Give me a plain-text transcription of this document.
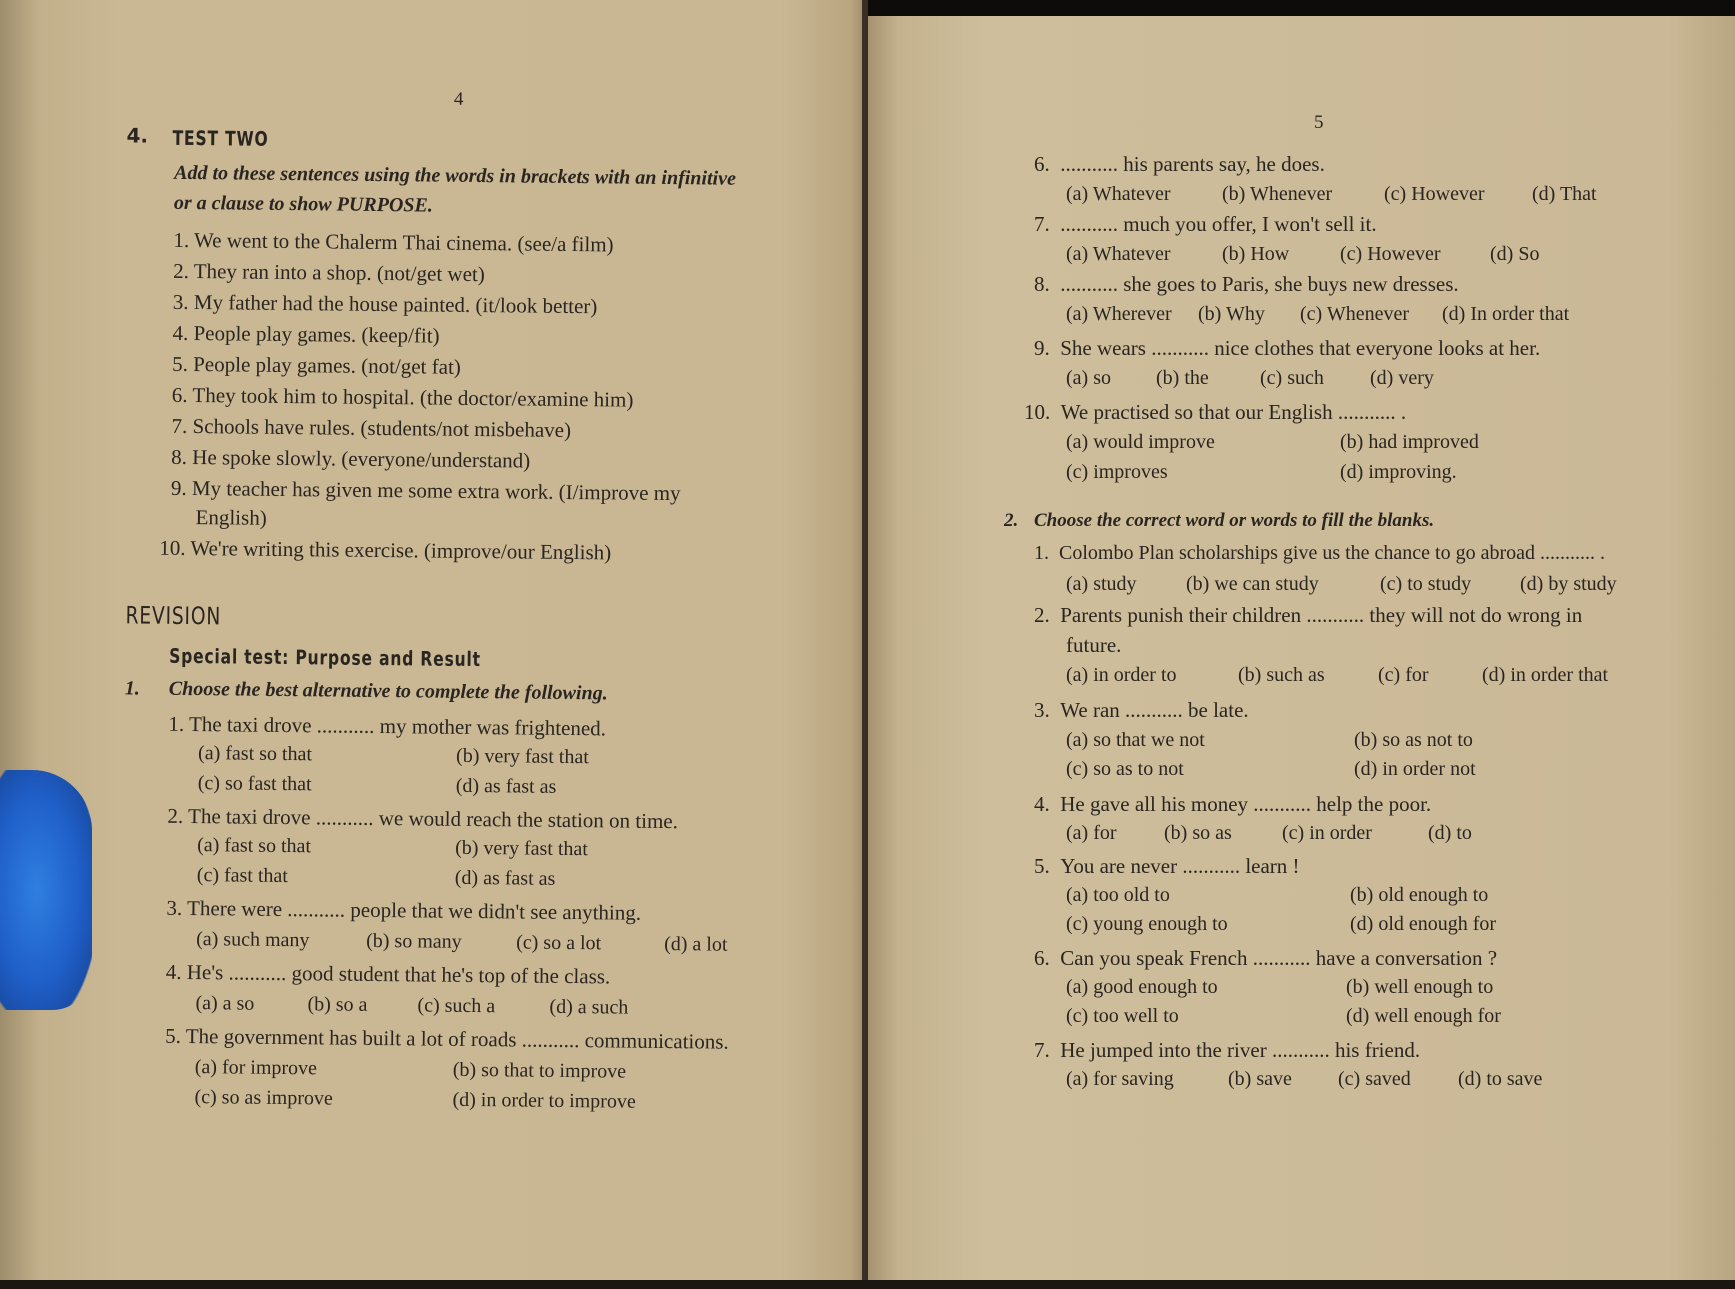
4
4. TEST TWO
Add to these sentences using the words in brackets with an infinitive
or a clause to show PURPOSE.
1. We went to the Chalerm Thai cinema. (see/a film)
2. They ran into a shop. (not/get wet)
3. My father had the house painted. (it/look better)
4. People play games. (keep/fit)
5. People play games. (not/get fat)
6. They took him to hospital. (the doctor/examine him)
7. Schools have rules. (students/not misbehave)
8. He spoke slowly. (everyone/understand)
9. My teacher has given me some extra work. (I/improve my
English)
10. We're writing this exercise. (improve/our English)
REVISION
Special test: Purpose and Result
1. Choose the best alternative to complete the following.
1. The taxi drove ........... my mother was frightened.
(a) fast so that	(b) very fast that
(c) so fast that	(d) as fast as
2. The taxi drove ........... we would reach the station on time.
(a) fast so that	(b) very fast that
(c) fast that	(d) as fast as
3. There were ........... people that we didn't see anything.
(a) such many	(b) so many	(c) so a lot	(d) a lot
4. He's ........... good student that he's top of the class.
(a) a so	(b) so a (c) such a	(d) a such
5. The government has built a lot of roads ........... communications.
(a) for improve	(b) so that to improve
(c) so as improve	(d) in order to improve
5
6. ........... his parents say, he does.
(a) Whatever	(b) Whenever	(c) However (d) That
7. ........... much you offer, I won't sell it.
(a) Whatever	(b) How	(c) However (d) So
8. ........... she goes to Paris, she buys new dresses.
(a) Wherever (b) Why (c) Whenever (d) In order that
9. She wears ........... nice clothes that everyone looks at her.
(a) so (b) the	(c) such (d) very
10. We practised so that our English ........... .
(a) would improve	(b) had improved
(c) improves	(d) improving.
2. Choose the correct word or words to fill the blanks.
1. Colombo Plan scholarships give us the chance to go abroad ........... .
(a) study (b) we can study	(c) to study (d) by study
2. Parents punish their children ........... they will not do wrong in
future.
(a) in order to	(b) such as	(c) for	(d) in order that
3. We ran ........... be late.
(a) so that we not	(b) so as not to
(c) so as to not	(d) in order not
4. He gave all his money ........... help the poor.
(a) for (b) so as	(c) in order	(d) to
5. You are never ........... learn !
(a) too old to	(b) old enough to
(c) young enough to	(d) old enough for
6. Can you speak French ........... have a conversation ?
(a) good enough to	(b) well enough to
(c) too well to	(d) well enough for
7. He jumped into the river ........... his friend.
(a) for saving	(b) save (c) saved (d) to save
